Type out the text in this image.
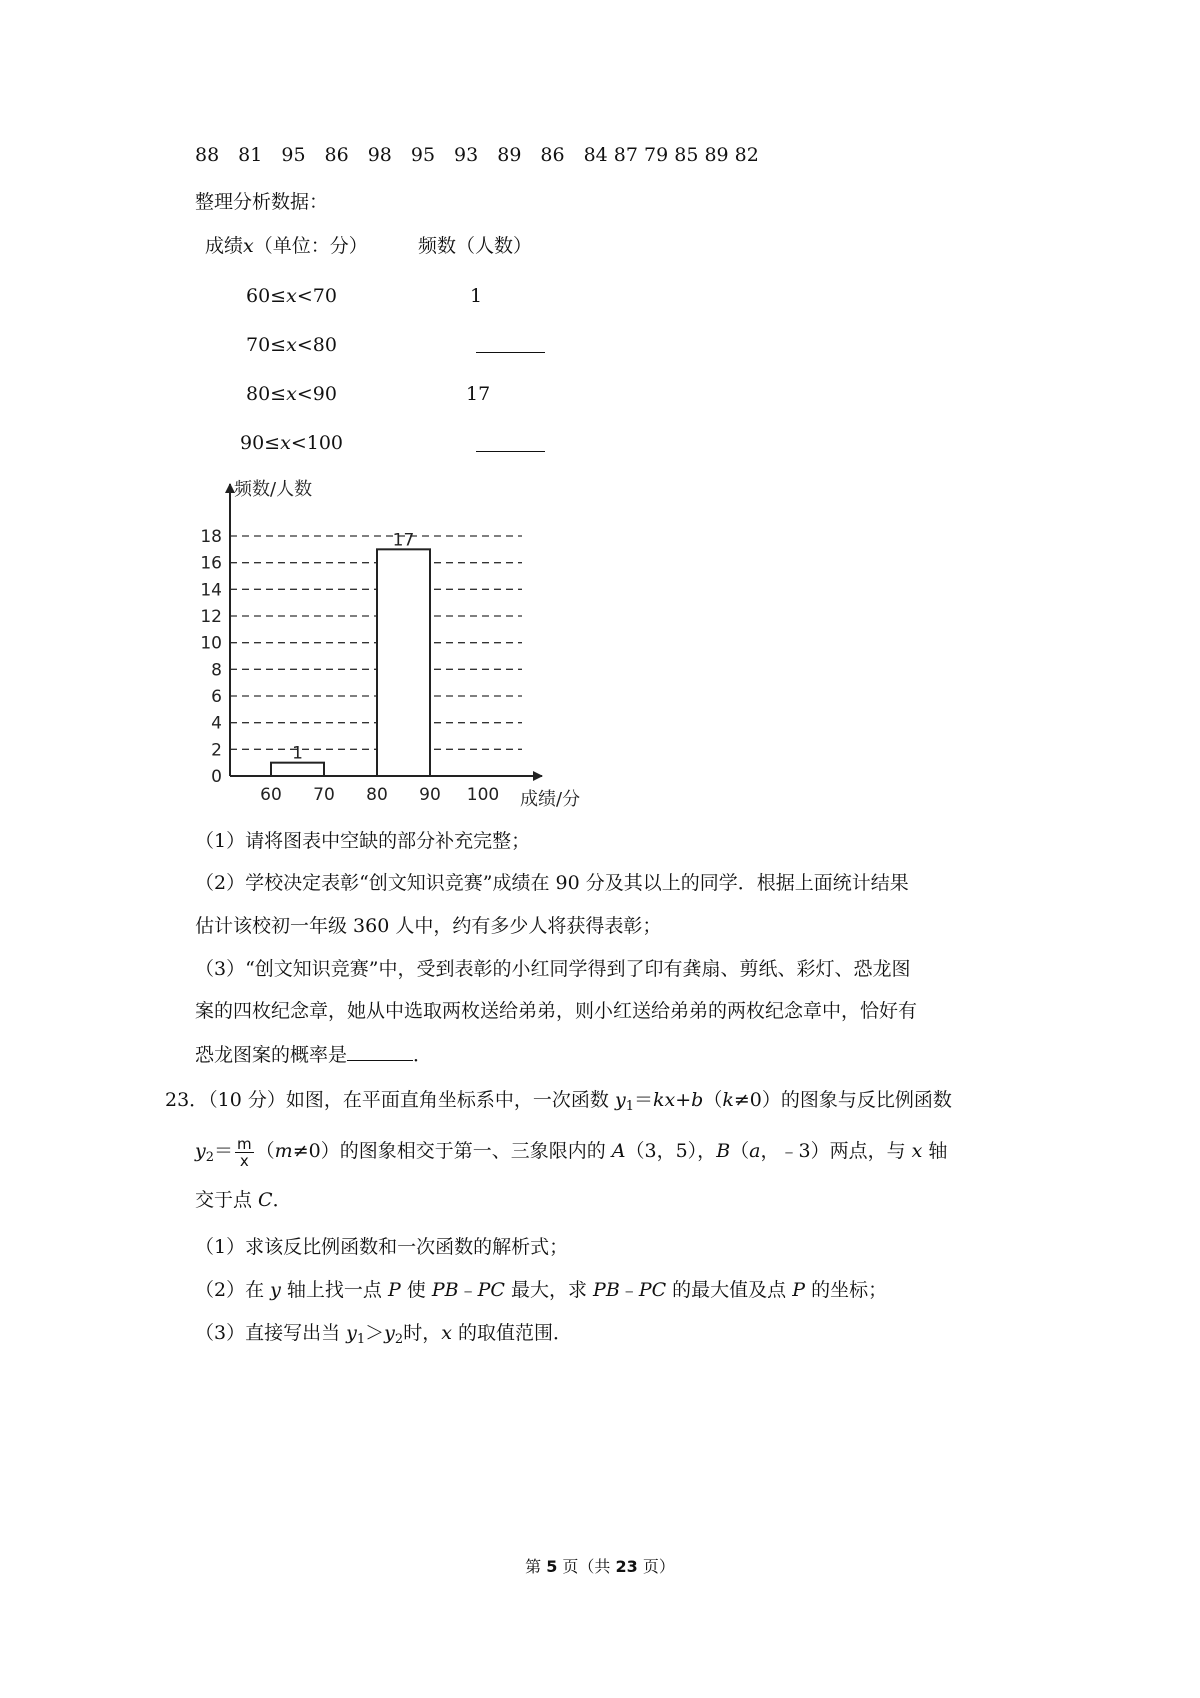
88　81　95　86　98　95　93　89　86　84 87 79 85 89 82
整理分析数据：
成绩x（单位：分）	频数（人数）
60≤x<70	1
70≤x<80
80≤x<90	17
90≤x<100
1
17
0
2
4
6
8
10
12
14
16
18
60 70 80 90 100
频数/人数
成绩/分
（1）请将图表中空缺的部分补充完整；
（2）学校决定表彰“创文知识竞赛”成绩在 90 分及其以上的同学．根据上面统计结果
估计该校初一年级 360 人中，约有多少人将获得表彰；
（3）“创文知识竞赛”中，受到表彰的小红同学得到了印有龚扇、剪纸、彩灯、恐龙图
案的四枚纪念章，她从中选取两枚送给弟弟，则小红送给弟弟的两枚纪念章中，恰好有
恐龙图案的概率是	．
23．（10 分）如图，在平面直角坐标系中，一次函数 $y_1=kx+b(k\ne 0)$的图象与反比例函数
$y_2= \frac{m}{x} (m\ne 0)$的图象相交于第一、三象限内的 A（3，5），B（a，﹣3）两点，与 x 轴
交于点 C．
（1）求该反比例函数和一次函数的解析式；
（2）在 y 轴上找一点 P 使 PB﹣PC 最大，求 PB﹣PC 的最大值及点 P 的坐标；
（3）直接写出当 $y_1>y_2$时，x 的取值范围．
第 5 页（共 23 页）
